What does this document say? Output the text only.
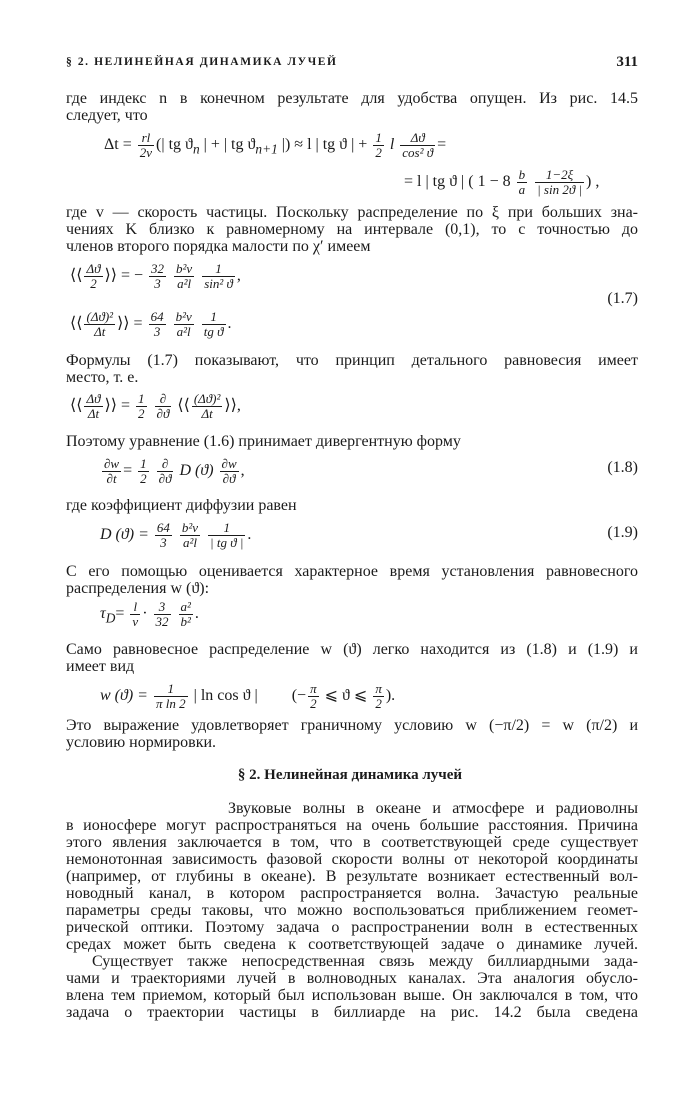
§ 2. НЕЛИНЕЙНАЯ ДИНАМИКА ЛУЧЕЙ	311
где индекс n в конечном результате для удобства опущен. Из рис. 14.5
следует, что
$\Delta t = \frac{rl}{2v}$ (| tg $ϑ_n$ | + | tg $ϑ_{n+1}$ |) ≈ l | tg ϑ | + $\frac{1}{2}$ l $\frac{\Delta ϑ}{\text{cos² ϑ}}$ =
= l | tg ϑ | ( $1 - 8 \frac{b}{a}$
$\frac{1-2\xi}{| \sin 2ϑ |}$ ) ,
где v — скорость частицы. Поскольку распределение по ξ при больших зна-
чениях K близко к равномерному на интервале (0,1), то с точностью до
членов второго порядка малости по χ′ имеем
⟨⟨ $\frac{\Delta ϑ}{2}$ ⟩⟩ = − $\frac{32}{3}$
$\frac{\text{b²v}}{\text{a²l}}$
$\frac{1}{\text{sin² ϑ}}$ ,
⟨⟨ $\frac{\text{(Δϑ)²}}{\Delta t}$ ⟩⟩ = $\frac{64}{3}$
$\frac{\text{b²v}}{\text{a²l}}$
$\frac{1}{\text{tg ϑ}}$ .
(1.7)
Формулы (1.7) показывают, что принцип детального равновесия имеет
место, т. е.
⟨⟨ $\frac{\Delta ϑ}{\Delta t}$ ⟩⟩ = $\frac{1}{2}$
$\frac{\partial}{\partial ϑ}$ ⟨⟨ $\frac{\text{(Δϑ)²}}{\Delta t}$ ⟩⟩,
Поэтому уравнение (1.6) принимает дивергентную форму
$\frac{\partial w}{\partial t} = \frac{1}{2}$
$\frac{\partial}{\partial ϑ}$ D $(ϑ) \frac{\partial w}{\partial ϑ}$ ,	(1.8)
где коэффициент диффузии равен
D $(ϑ) = \frac{64}{3}$
$\frac{\text{b²v}}{\text{a²l}}$
$\frac{1}{\text{| tg ϑ |}}$ .	(1.9)
С его помощью оценивается характерное время установления равновесного
распределения w (ϑ):
$\tau_D= \frac{l}{v} \cdot \frac{3}{32}$
$\frac{\text{a²}}{\text{b²}}$ .
Само равновесное распределение w (ϑ) легко находится из (1.8) и (1.9) и
имеет вид
w $(ϑ) = \frac{1}{\text{π ln 2}}$ | ln cos ϑ | (− $\frac{\pi}{2}$ ⩽ ϑ ⩽ $\frac{\pi}{2}$ ).
Это выражение удовлетворяет граничному условию w (−π/2) = w (π/2) и
условию нормировки.
§ 2. Нелинейная динамика лучей
Звуковые волны в океане и атмосфере и радиоволны
в ионосфере могут распространяться на очень большие расстояния. Причина
этого явления заключается в том, что в соответствующей среде существует
немонотонная зависимость фазовой скорости волны от некоторой координаты
(например, от глубины в океане). В результате возникает естественный вол-
новодный канал, в котором распространяется волна. Зачастую реальные
параметры среды таковы, что можно воспользоваться приближением геомет-
рической оптики. Поэтому задача о распространении волн в естественных
средах может быть сведена к соответствующей задаче о динамике лучей.
Существует также непосредственная связь между биллиардными зада-
чами и траекториями лучей в волноводных каналах. Эта аналогия обусло-
влена тем приемом, который был использован выше. Он заключался в том, что
задача о траектории частицы в биллиарде на рис. 14.2 была сведена
